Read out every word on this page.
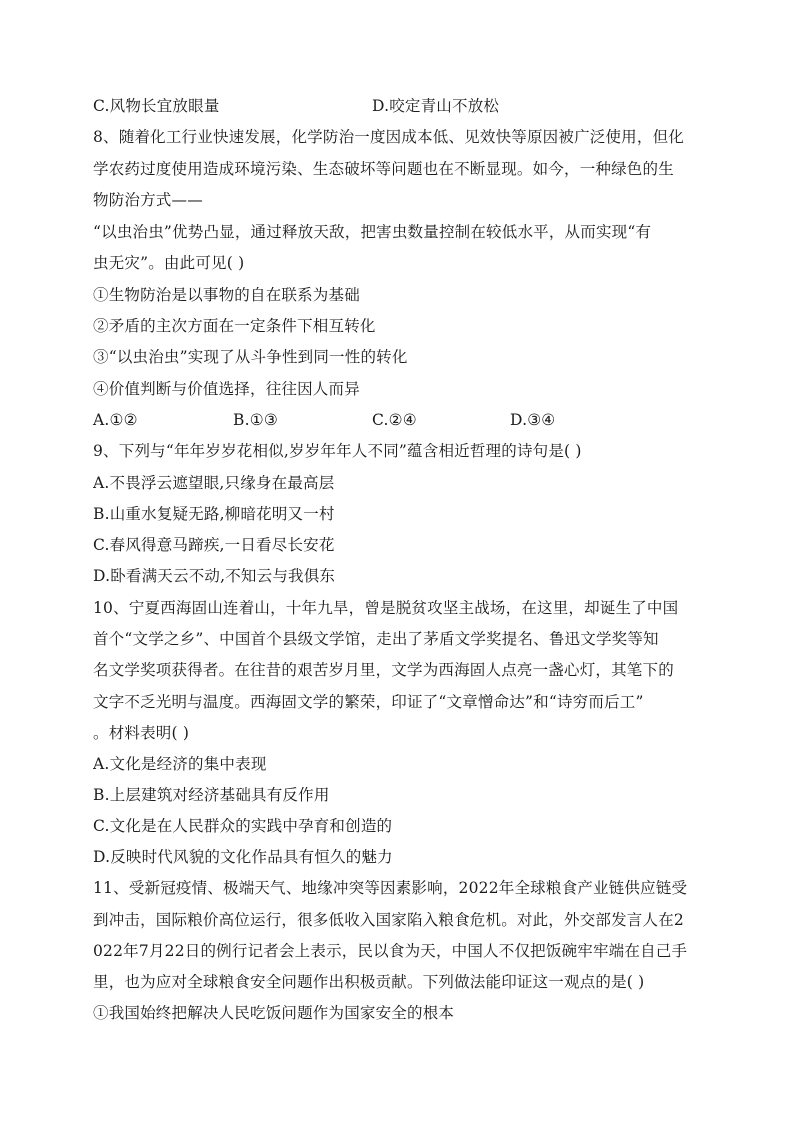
C.风物长宜放眼量	D.咬定青山不放松
8、随着化工行业快速发展，化学防治一度因成本低、见效快等原因被广泛使用，但化
学农药过度使用造成环境污染、生态破坏等问题也在不断显现。如今，一种绿色的生
物防治方式——
“以虫治虫”优势凸显，通过释放天敌，把害虫数量控制在较低水平，从而实现“有
虫无灾”。由此可见( )
①生物防治是以事物的自在联系为基础
②矛盾的主次方面在一定条件下相互转化
③“以虫治虫”实现了从斗争性到同一性的转化
④价值判断与价值选择，往往因人而异
A.①②	B.①③	C.②④	D.③④
9、下列与“年年岁岁花相似,岁岁年年人不同”蕴含相近哲理的诗句是( )
A.不畏浮云遮望眼,只缘身在最高层
B.山重水复疑无路,柳暗花明又一村
C.春风得意马蹄疾,一日看尽长安花
D.卧看满天云不动,不知云与我俱东
10、宁夏西海固山连着山，十年九旱，曾是脱贫攻坚主战场，在这里，却诞生了中国
首个“文学之乡”、中国首个县级文学馆，走出了茅盾文学奖提名、鲁迅文学奖等知
名文学奖项获得者。在往昔的艰苦岁月里，文学为西海固人点亮一盏心灯，其笔下的
文字不乏光明与温度。西海固文学的繁荣，印证了“文章憎命达”和“诗穷而后工”
。材料表明( )
A.文化是经济的集中表现
B.上层建筑对经济基础具有反作用
C.文化是在人民群众的实践中孕育和创造的
D.反映时代风貌的文化作品具有恒久的魅力
11、受新冠疫情、极端天气、地缘冲突等因素影响，2022年全球粮食产业链供应链受
到冲击，国际粮价高位运行，很多低收入国家陷入粮食危机。对此，外交部发言人在2
022年7月22日的例行记者会上表示，民以食为天，中国人不仅把饭碗牢牢端在自己手
里，也为应对全球粮食安全问题作出积极贡献。下列做法能印证这一观点的是( )
①我国始终把解决人民吃饭问题作为国家安全的根本
